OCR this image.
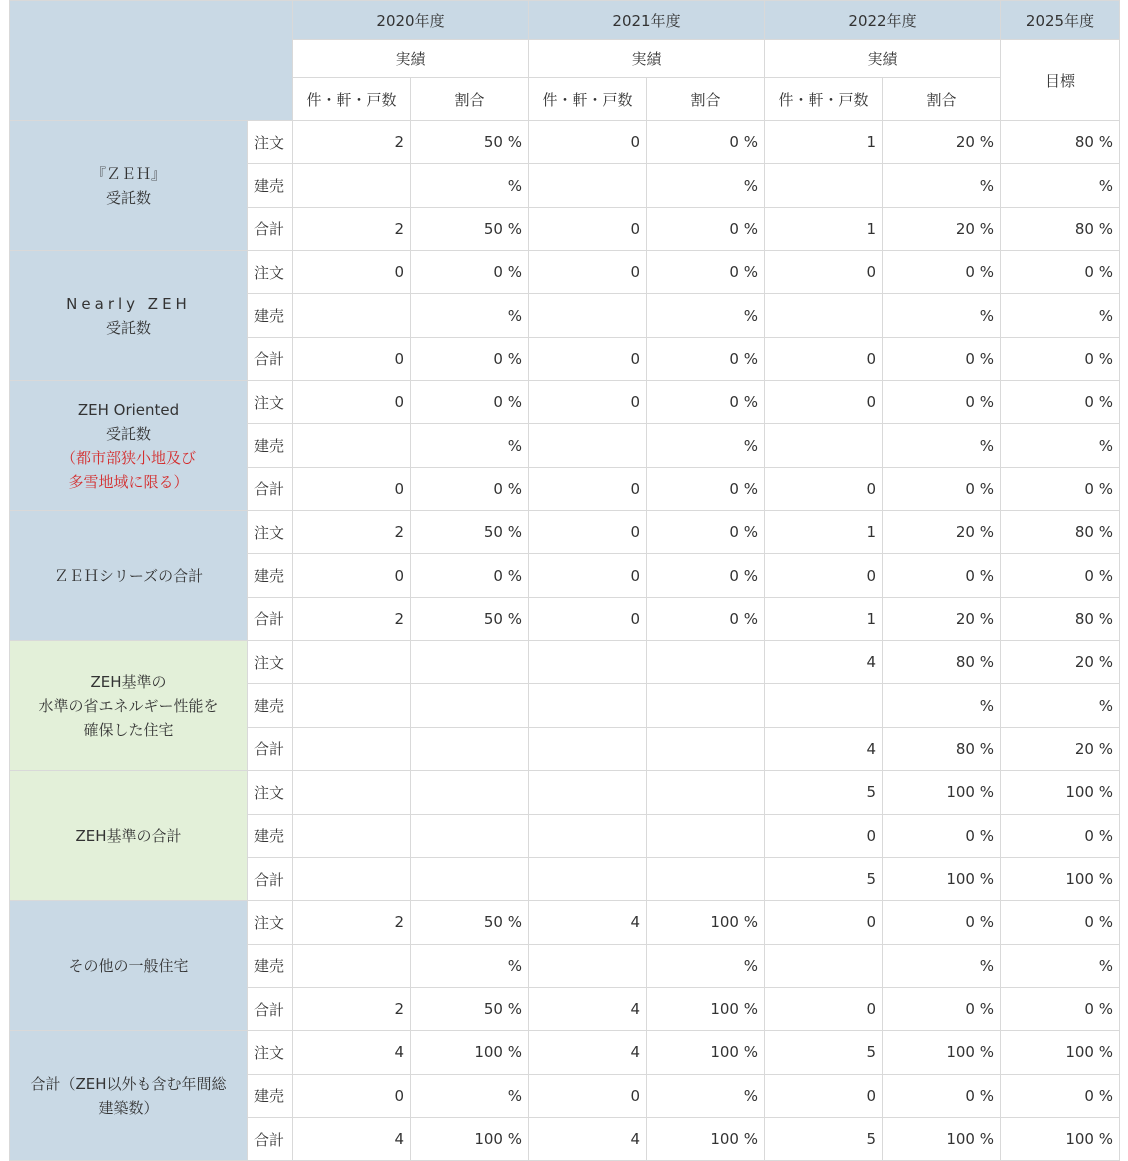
		2020年度		2021年度		2022年度		2025年度
		実績		実績		実績		目標
		件・軒・戸数	割合	件・軒・戸数	割合	件・軒・戸数	割合	

『ＺＥＨ』
受託数	注文	2	50 %	0	0 %	1	20 %	80 %
	建売		%		%		%	%
	合計	2	50 %	0	0 %	1	20 %	80 %

Nearly ZEH
受託数	注文	0	0 %	0	0 %	0	0 %	0 %
	建売		%		%		%	%
	合計	0	0 %	0	0 %	0	0 %	0 %

ZEH Oriented
受託数
（都市部狭小地及び
多雪地域に限る）	注文	0	0 %	0	0 %	0	0 %	0 %
	建売		%		%		%	%
	合計	0	0 %	0	0 %	0	0 %	0 %

ＺＥＨシリーズの合計	注文	2	50 %	0	0 %	1	20 %	80 %
	建売	0	0 %	0	0 %	0	0 %	0 %
	合計	2	50 %	0	0 %	1	20 %	80 %

ZEH基準の
水準の省エネルギー性能を
確保した住宅	注文					4	80 %	20 %
	建売						%	%
	合計					4	80 %	20 %

ZEH基準の合計	注文					5	100 %	100 %
	建売					0	0 %	0 %
	合計					5	100 %	100 %

その他の一般住宅	注文	2	50 %	4	100 %	0	0 %	0 %
	建売		%		%		%	%
	合計	2	50 %	4	100 %	0	0 %	0 %

合計（ZEH以外も含む年間総
建築数）	注文	4	100 %	4	100 %	5	100 %	100 %
	建売	0	%	0	%	0	0 %	0 %
	合計	4	100 %	4	100 %	5	100 %	100 %
